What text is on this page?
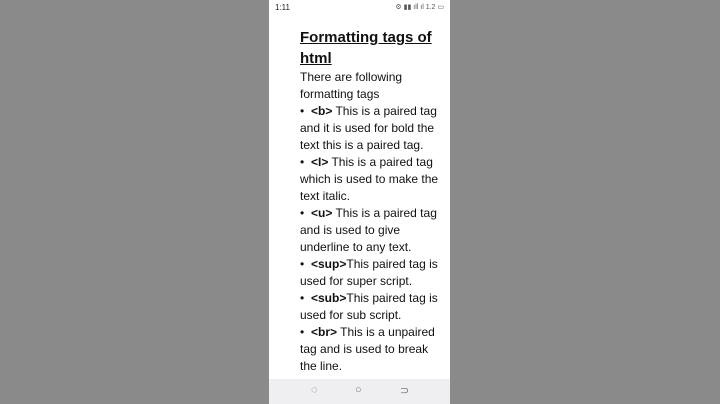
1:11	⚙ ▮▮ ıll ıl 1.2 ▭
Formatting tags of
html
There are following
formatting tags
• <b> This is a paired tag
and it is used for bold the
text this is a paired tag.
• <I> This is a paired tag
which is used to make the
text italic.
• <u> This is a paired tag
and is used to give
underline to any text.
• <sup>This paired tag is
used for super script.
• <sub>This paired tag is
used for sub script.
• <br> This is a unpaired
tag and is used to break
the line.
◌	○	⊃
